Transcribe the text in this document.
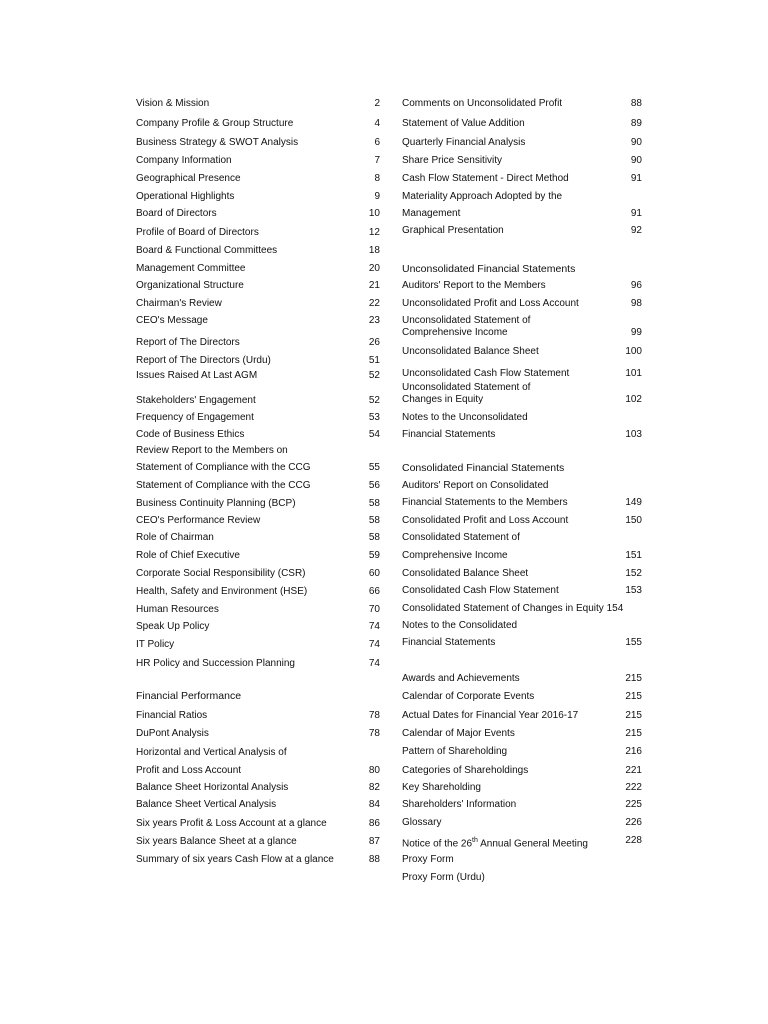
Vision & Mission	2
Company Profile & Group Structure	4
Business Strategy & SWOT Analysis	6
Company Information	7
Geographical Presence	8
Operational Highlights	9
Board of Directors	10
Profile of Board of Directors	12
Board & Functional Committees	18
Management Committee	20
Organizational Structure	21
Chairman's Review	22
CEO's Message	23
Report of The Directors	26
Report of The Directors (Urdu)	51
Issues Raised At Last AGM	52
Stakeholders' Engagement	52
Frequency of Engagement	53
Code of Business Ethics	54
Review Report to the Members on
Statement of Compliance with the CCG	55
Statement of Compliance with the CCG	56
Business Continuity Planning (BCP)	58
CEO's Performance Review	58
Role of Chairman	58
Role of Chief Executive	59
Corporate Social Responsibility (CSR)	60
Health, Safety and Environment (HSE)	66
Human Resources	70
Speak Up Policy	74
IT Policy	74
HR Policy and Succession Planning	74
Financial Performance
Financial Ratios	78
DuPont Analysis	78
Horizontal and Vertical Analysis of
Profit and Loss Account	80
Balance Sheet Horizontal Analysis	82
Balance Sheet Vertical Analysis	84
Six years Profit & Loss Account at a glance	86
Six years Balance Sheet at a glance	87
Summary of six years Cash Flow at a glance	88
Comments on Unconsolidated Profit	88
Statement of Value Addition	89
Quarterly Financial Analysis	90
Share Price Sensitivity	90
Cash Flow Statement - Direct Method	91
Materiality Approach Adopted by the
Management	91
Graphical Presentation	92
Unconsolidated Financial Statements
Auditors' Report to the Members	96
Unconsolidated Profit and Loss Account	98
Unconsolidated Statement of
Comprehensive Income	99
Unconsolidated Balance Sheet	100
Unconsolidated Cash Flow Statement	101
Unconsolidated Statement of
Changes in Equity	102
Notes to the Unconsolidated
Financial Statements	103
Consolidated Financial Statements
Auditors' Report on Consolidated
Financial Statements to the Members	149
Consolidated Profit and Loss Account	150
Consolidated Statement of
Comprehensive Income	151
Consolidated Balance Sheet	152
Consolidated Cash Flow Statement	153
Consolidated Statement of Changes in Equity 154
Notes to the Consolidated
Financial Statements	155
Awards and Achievements	215
Calendar of Corporate Events	215
Actual Dates for Financial Year 2016-17	215
Calendar of Major Events	215
Pattern of Shareholding	216
Categories of Shareholdings	221
Key Shareholding	222
Shareholders' Information	225
Glossary	226
Notice of the 26th Annual General Meeting	228
Proxy Form
Proxy Form (Urdu)
